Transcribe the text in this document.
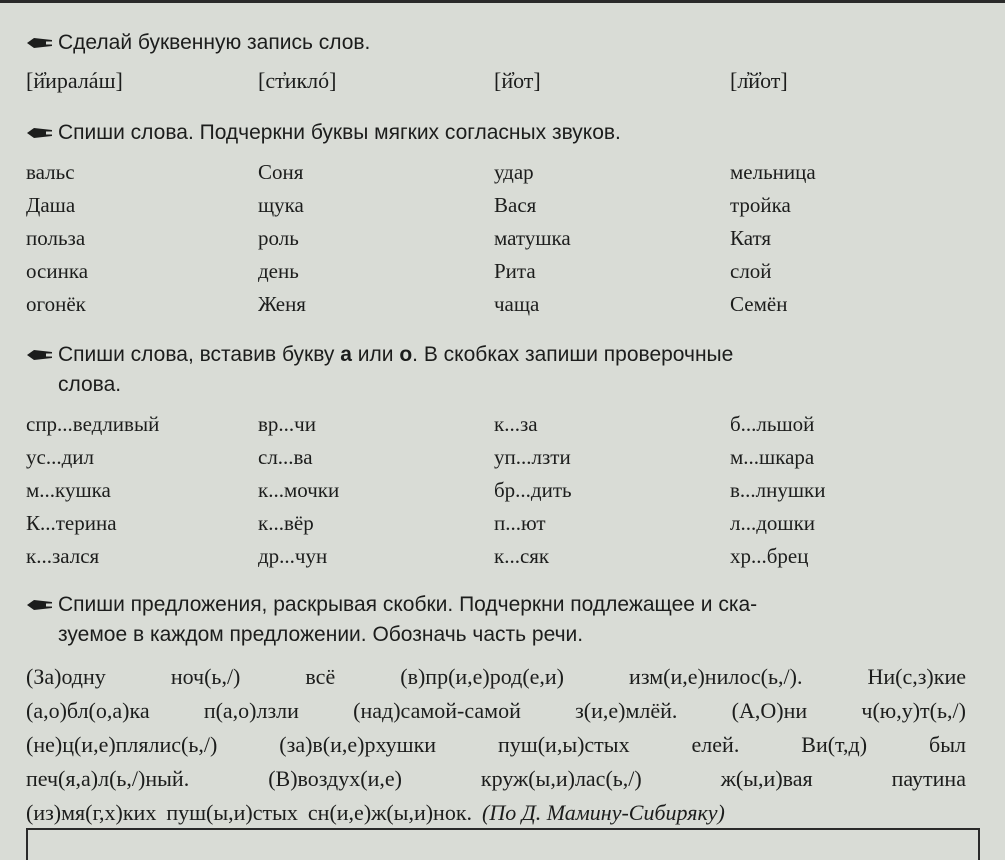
Сделай буквенную запись слов.
[й̓иралáш]	[ст̓иклó]	[й̓от]	[л̓й̓от]
Спиши слова. Подчеркни буквы мягких согласных звуков.
вальс	Соня	удар	мельница
Даша	щука	Вася	тройка
польза	роль	матушка	Катя
осинка	день	Рита	слой
огонёк	Женя	чаща	Семён
Спиши слова, вставив букву а или о. В скобках запиши проверочные
слова.
спр...ведливый	вр...чи	к...за	б...льшой
ус...дил	сл...ва	уп...лзти	м...шкара
м...кушка	к...мочки	бр...дить	в...лнушки
К...терина	к...вёр	п...ют	л...дошки
к...зался	др...чун	к...сяк	хр...брец
Спиши предложения, раскрывая скобки. Подчеркни подлежащее и ска-
зуемое в каждом предложении. Обозначь часть речи.
(За)одну	ноч(ь,/)	всё	(в)пр(и,е)род(е,и)	изм(и,е)нилос(ь,/).	Ни(с,з)кие
(а,о)бл(о,а)ка п(а,о)лзли (над)самой-самой з(и,е)млёй. (А,О)ни ч(ю,у)т(ь,/)
(не)ц(и,е)плялис(ь,/)	(за)в(и,е)рхушки	пуш(и,ы)стых	елей.	Ви(т,д)	был
печ(я,а)л(ь,/)ный.	(В)воздух(и,е)	круж(ы,и)лас(ь,/)	ж(ы,и)вая	паутина
(из)мя(г,х)ких пуш(ы,и)стых сн(и,е)ж(ы,и)нок. (По Д. Мамину-Сибиряку)
